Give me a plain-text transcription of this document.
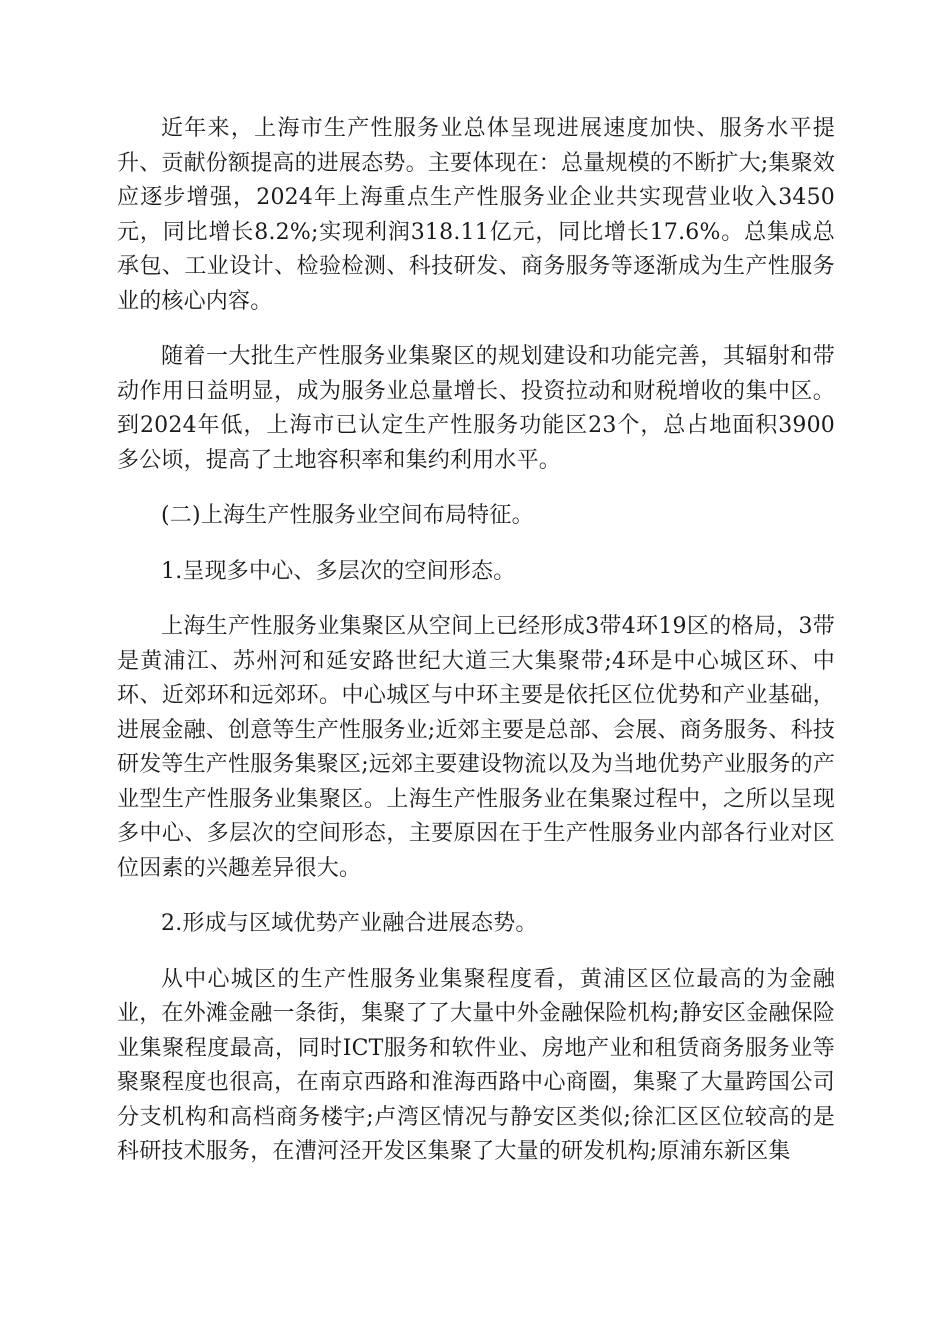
近年来，上海市生产性服务业总体呈现进展速度加快、服务水平提升、贡献份额提高的进展态势。主要体现在：总量规模的不断扩大;集聚效应逐步增强，2024年上海重点生产性服务业企业共实现营业收入3450元，同比增长8.2%;实现利润318.11亿元，同比增长17.6%。总集成总承包、工业设计、检验检测、科技研发、商务服务等逐渐成为生产性服务业的核心内容。

随着一大批生产性服务业集聚区的规划建设和功能完善，其辐射和带动作用日益明显，成为服务业总量增长、投资拉动和财税增收的集中区。到2024年低，上海市已认定生产性服务功能区23个，总占地面积3900多公顷，提高了土地容积率和集约利用水平。

(二)上海生产性服务业空间布局特征。

1.呈现多中心、多层次的空间形态。

上海生产性服务业集聚区从空间上已经形成3带4环19区的格局，3带是黄浦江、苏州河和延安路世纪大道三大集聚带;4环是中心城区环、中环、近郊环和远郊环。中心城区与中环主要是依托区位优势和产业基础，进展金融、创意等生产性服务业;近郊主要是总部、会展、商务服务、科技研发等生产性服务集聚区;远郊主要建设物流以及为当地优势产业服务的产业型生产性服务业集聚区。上海生产性服务业在集聚过程中，之所以呈现多中心、多层次的空间形态，主要原因在于生产性服务业内部各行业对区位因素的兴趣差异很大。

2.形成与区域优势产业融合进展态势。

从中心城区的生产性服务业集聚程度看，黄浦区区位最高的为金融业，在外滩金融一条街，集聚了了大量中外金融保险机构;静安区金融保险业集聚程度最高，同时ICT服务和软件业、房地产业和租赁商务服务业等聚聚程度也很高，在南京西路和淮海西路中心商圈，集聚了大量跨国公司分支机构和高档商务楼宇;卢湾区情况与静安区类似;徐汇区区位较高的是科研技术服务，在漕河泾开发区集聚了大量的研发机构;原浦东新区集
